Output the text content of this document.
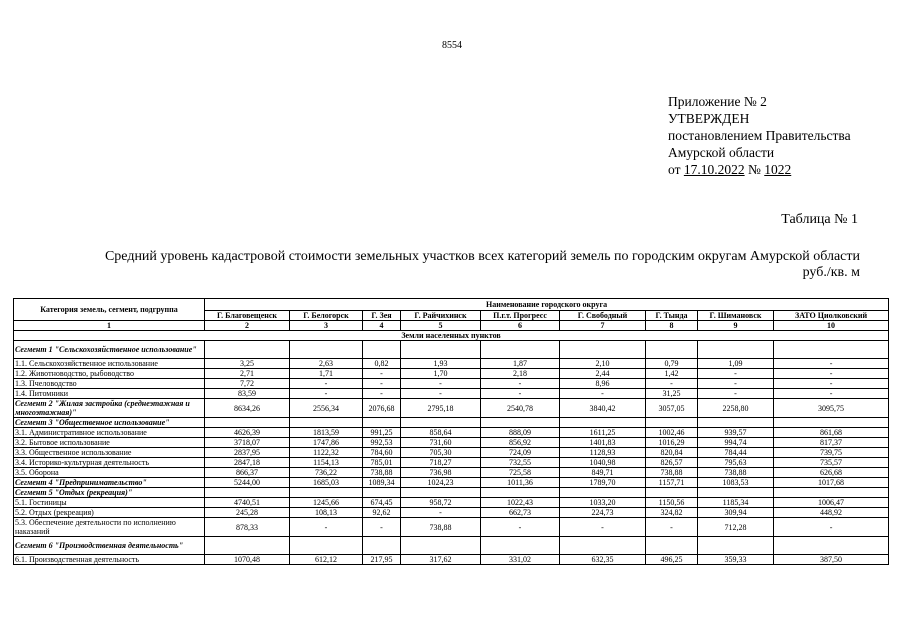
8554
Приложение № 2
УТВЕРЖДЕН
постановлением Правительства
Амурской области
от 17.10.2022 № 1022
Таблица № 1
Средний уровень кадастровой стоимости земельных участков всех категорий земель по городским округам Амурской области
руб./кв. м
Категория земель, сегмент, подгруппа	Наименование городского округа								
	Г. Благовещенск	Г. Белогорск	Г. Зея	Г. Райчихинск	П.г.т. Прогресс	Г. Свободный	Г. Тында	Г. Шимановск	ЗАТО Циолковский
1	2	3	4	5	6	7	8	9	10
Земли населенных пунктов									
Сегмент 1 "Сельскохозяйственное использование"									
1.1. Сельскохозяйственное использование	3,25	2,63	0,82	1,93	1,87	2,10	0,79	1,09	-
1.2. Животноводство, рыбоводство	2,71	1,71	-	1,70	2,18	2,44	1,42	-	-
1.3. Пчеловодство	7,72	-	-	-	-	8,96	-	-	-
1.4. Питомники	83,59	-	-	-	-	-	31,25	-	-
Сегмент 2 "Жилая застройка (среднеэтажная и многоэтажная)"	8634,26	2556,34	2076,68	2795,18	2540,78	3840,42	3057,05	2258,80	3095,75
Сегмент 3 "Общественное использование"									
3.1. Административное использование	4626,39	1813,59	991,25	858,64	888,09	1611,25	1002,46	939,57	861,68
3.2. Бытовое использование	3718,07	1747,86	992,53	731,60	856,92	1401,83	1016,29	994,74	817,37
3.3. Общественное использование	2837,95	1122,32	784,60	705,30	724,09	1128,93	820,84	784,44	739,75
3.4. Историко-культурная деятельность	2847,18	1154,13	785,01	718,27	732,55	1040,98	826,57	795,63	735,57
3.5. Оборона	866,37	736,22	738,88	736,98	725,58	849,71	738,88	738,88	626,68
Сегмент 4 "Предпринимательство"	5244,00	1685,03	1089,34	1024,23	1011,36	1789,70	1157,71	1083,53	1017,68
Сегмент 5 "Отдых (рекреация)"									
5.1. Гостиницы	4740,51	1245,66	674,45	958,72	1022,43	1033,20	1150,56	1185,34	1006,47
5.2. Отдых (рекреация)	245,28	108,13	92,62	-	662,73	224,73	324,82	309,94	448,92
5.3. Обеспечение деятельности по исполнению наказаний	878,33	-	-	738,88	-	-	-	712,28	-
Сегмент 6 "Производственная деятельность"									
6.1. Производственная деятельность	1070,48	612,12	217,95	317,62	331,02	632,35	496,25	359,33	387,50
